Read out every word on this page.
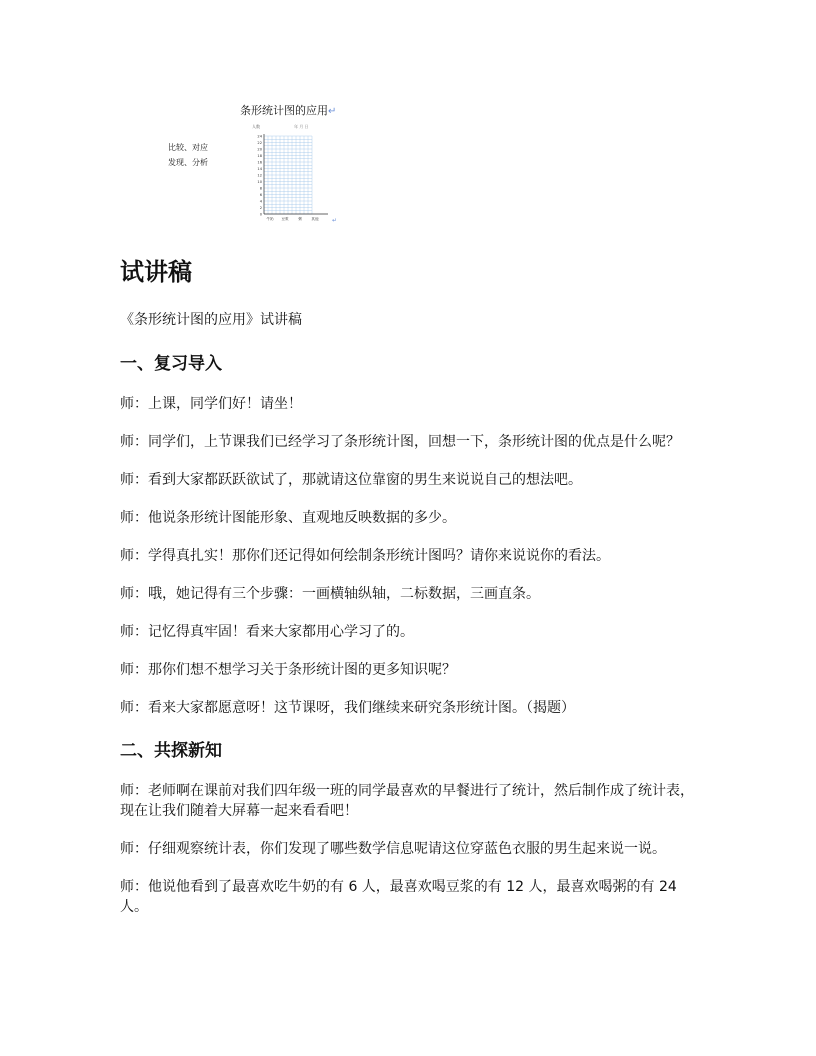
条形统计图的应用↵
比较、对应
发现、分析
人数	年 月 日
0
2
4
6
8
10
12
14
16
18
20
22
24
牛奶 豆浆	粥	其他 ↵
试讲稿

《条形统计图的应用》试讲稿

一、复习导入

师：上课，同学们好！请坐！

师：同学们，上节课我们已经学习了条形统计图，回想一下，条形统计图的优点是什么呢？

师：看到大家都跃跃欲试了，那就请这位靠窗的男生来说说自己的想法吧。

师：他说条形统计图能形象、直观地反映数据的多少。

师：学得真扎实！那你们还记得如何绘制条形统计图吗？请你来说说你的看法。

师：哦，她记得有三个步骤：一画横轴纵轴，二标数据，三画直条。

师：记忆得真牢固！看来大家都用心学习了的。

师：那你们想不想学习关于条形统计图的更多知识呢？

师：看来大家都愿意呀！这节课呀，我们继续来研究条形统计图。（揭题）

二、共探新知

师：老师啊在课前对我们四年级一班的同学最喜欢的早餐进行了统计，然后制作成了统计表，现在让我们随着大屏幕一起来看看吧！

师：仔细观察统计表，你们发现了哪些数学信息呢请这位穿蓝色衣服的男生起来说一说。

师：他说他看到了最喜欢吃牛奶的有 6 人，最喜欢喝豆浆的有 12 人，最喜欢喝粥的有 24 人。
